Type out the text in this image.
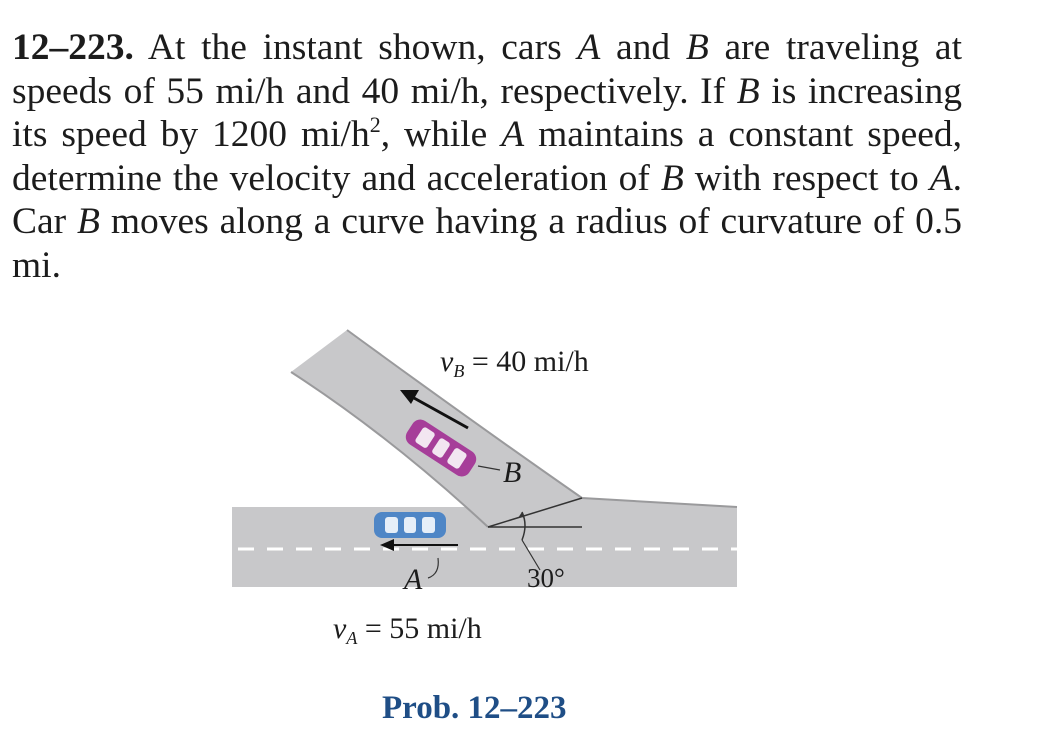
12–223. At the instant shown, cars A and B are traveling at speeds of 55 mi/h and 40 mi/h, respectively. If B is increasing its speed by 1200 $mi/h^2$, while A maintains a constant speed, determine the velocity and acceleration of B with respect to A. Car B moves along a curve having a radius of curvature of 0.5 mi.
$v_B = 40$ mi/h
B
A	30°
$v_A = 55$ mi/h
Prob. 12–223
